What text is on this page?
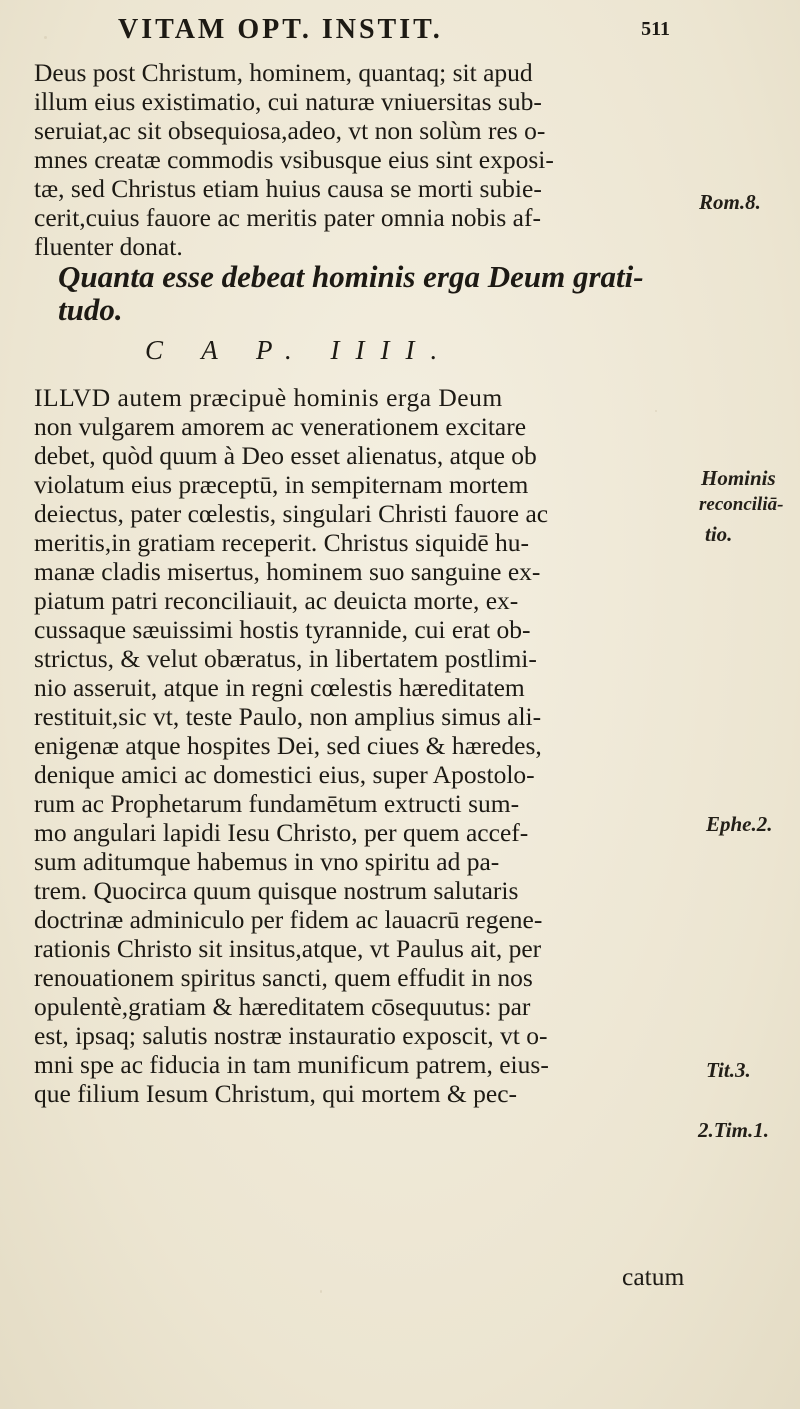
VITAM OPT. INSTIT.	511
Deus post Christum, hominem, quantaq; sit apud
illum eius existimatio, cui naturæ vniuersitas sub-
seruiat,ac sit obsequiosa,adeo, vt non solùm res o-
mnes creatæ commodis vsibusque eius sint exposi-
tæ, sed Christus etiam huius causa se morti subie-
cerit,cuius fauore ac meritis pater omnia nobis af-
fluenter donat.
Quanta esse debeat hominis erga Deum grati-
tudo.
C A P. IIII.
ILLVD autem præcipuè hominis erga Deum
non vulgarem amorem ac venerationem excitare
debet, quòd quum à Deo esset alienatus, atque ob
violatum eius præceptū, in sempiternam mortem
deiectus, pater cœlestis, singulari Christi fauore ac
meritis,in gratiam receperit. Christus siquidē hu-
manæ cladis misertus, hominem suo sanguine ex-
piatum patri reconciliauit, ac deuicta morte, ex-
cussaque sæuissimi hostis tyrannide, cui erat ob-
strictus, & velut obæratus, in libertatem postlimi-
nio asseruit, atque in regni cœlestis hæreditatem
restituit,sic vt, teste Paulo, non amplius simus ali-
enigenæ atque hospites Dei, sed ciues & hæredes,
denique amici ac domestici eius, super Apostolo-
rum ac Prophetarum fundamētum extructi sum-
mo angulari lapidi Iesu Christo, per quem accef-
sum aditumque habemus in vno spiritu ad pa-
trem. Quocirca quum quisque nostrum salutaris
doctrinæ adminiculo per fidem ac lauacrū regene-
rationis Christo sit insitus,atque, vt Paulus ait, per
renouationem spiritus sancti, quem effudit in nos
opulentè,gratiam & hæreditatem cōsequutus: par
est, ipsaq; salutis nostræ instauratio exposcit, vt o-
mni spe ac fiducia in tam munificum patrem, eius-
que filium Iesum Christum, qui mortem & pec-
Rom.8.
Hominis
reconciliā-
tio.
Ephe.2.
Tit.3.
2.Tim.1.
catum
